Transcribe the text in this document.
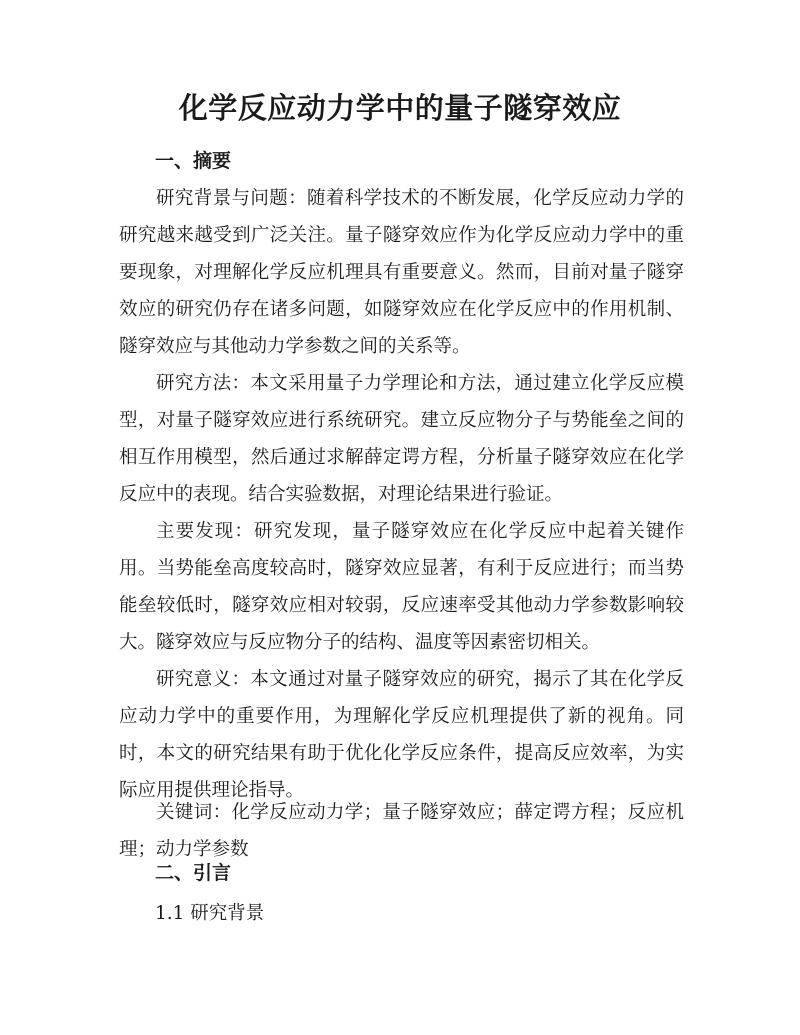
化学反应动力学中的量子隧穿效应
一、摘要

研究背景与问题：随着科学技术的不断发展，化学反应动力学的研究越来越受到广泛关注。量子隧穿效应作为化学反应动力学中的重要现象，对理解化学反应机理具有重要意义。然而，目前对量子隧穿效应的研究仍存在诸多问题，如隧穿效应在化学反应中的作用机制、隧穿效应与其他动力学参数之间的关系等。

研究方法：本文采用量子力学理论和方法，通过建立化学反应模型，对量子隧穿效应进行系统研究。建立反应物分子与势能垒之间的相互作用模型，然后通过求解薛定谔方程，分析量子隧穿效应在化学反应中的表现。结合实验数据，对理论结果进行验证。

主要发现：研究发现，量子隧穿效应在化学反应中起着关键作用。当势能垒高度较高时，隧穿效应显著，有利于反应进行；而当势能垒较低时，隧穿效应相对较弱，反应速率受其他动力学参数影响较大。隧穿效应与反应物分子的结构、温度等因素密切相关。

研究意义：本文通过对量子隧穿效应的研究，揭示了其在化学反应动力学中的重要作用，为理解化学反应机理提供了新的视角。同时，本文的研究结果有助于优化化学反应条件，提高反应效率，为实际应用提供理论指导。

关键词：化学反应动力学；量子隧穿效应；薛定谔方程；反应机理；动力学参数

二、引言
1.1 研究背景
